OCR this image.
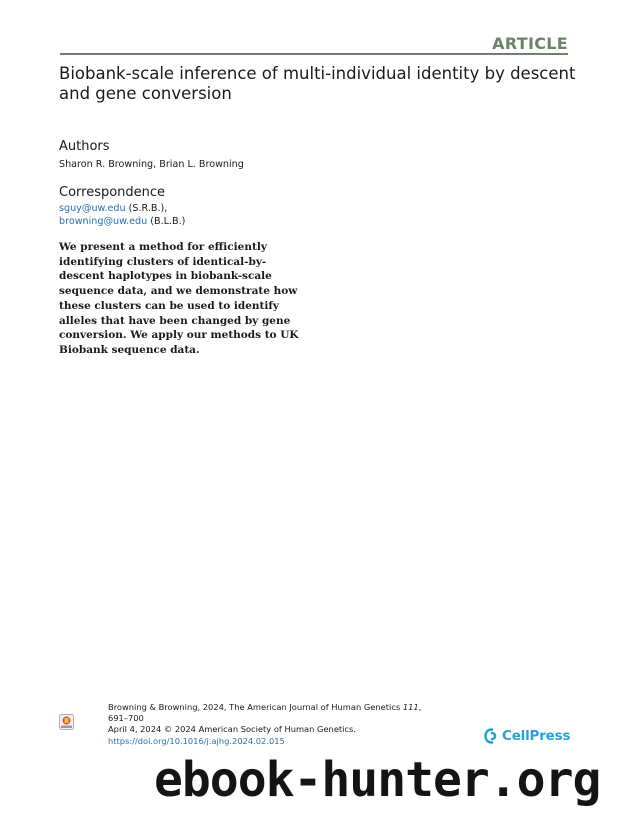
ARTICLE
Biobank-scale inference of multi-individual identity by descent and gene conversion
Authors
Sharon R. Browning, Brian L. Browning
Correspondence
sguy@uw.edu (S.R.B.),
browning@uw.edu (B.L.B.)
We present a method for efficiently identifying clusters of identical-by-descent haplotypes in biobank-scale sequence data, and we demonstrate how these clusters can be used to identify alleles that have been changed by gene conversion. We apply our methods to UK Biobank sequence data.
Browning & Browning, 2024, The American Journal of Human Genetics 111, 691–700
April 4, 2024 © 2024 American Society of Human Genetics.
https://doi.org/10.1016/j.ajhg.2024.02.015	CellPress
ebook-hunter.org
